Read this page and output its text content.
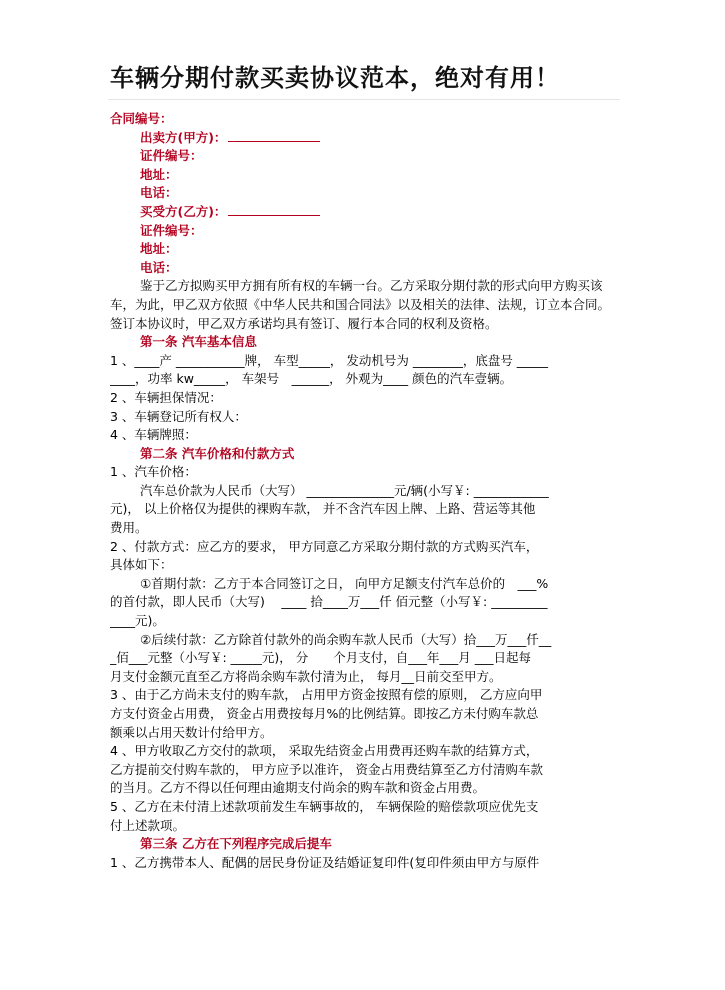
车辆分期付款买卖协议范本，绝对有用！

合同编号：

出卖方(甲方)：

证件编号：

地址：

电话：

买受方(乙方)：

证件编号：

地址：

电话：

鉴于乙方拟购买甲方拥有所有权的车辆一台。乙方采取分期付款的形式向甲方购买该车，为此，甲乙双方依照《中华人民共和国合同法》以及相关的法律、法规，订立本合同。签订本协议时，甲乙双方承诺均具有签订、履行本合同的权利及资格。

第一条 汽车基本信息

1 、____产 ___________牌， 车型_____， 发动机号为 ________，底盘号 _____

____，功率 kw_____， 车架号　______， 外观为____ 颜色的汽车壹辆。

2 、车辆担保情况：

3 、车辆登记所有权人：

4 、车辆牌照：

第二条 汽车价格和付款方式

1 、汽车价格：

汽车总价款为人民币（大写） ______________元/辆(小写￥: ____________

元)， 以上价格仅为提供的裸购车款， 并不含汽车因上牌、上路、营运等其他

费用。

2 、付款方式：应乙方的要求， 甲方同意乙方采取分期付款的方式购买汽车，

具体如下：

①首期付款：乙方于本合同签订之日， 向甲方足额支付汽车总价的　___%

的首付款，即人民币（大写)　 ____ 拾____万___仟 佰元整（小写￥: _________

____元)。

②后续付款：乙方除首付款外的尚余购车款人民币（大写）拾___万___仟__

_佰___元整（小写￥: _____元)， 分　　个月支付，自___年___月 ___日起每

月支付金额元直至乙方将尚余购车款付清为止， 每月__日前交至甲方。

3 、由于乙方尚未支付的购车款， 占用甲方资金按照有偿的原则， 乙方应向甲

方支付资金占用费， 资金占用费按每月%的比例结算。即按乙方未付购车款总

额乘以占用天数计付给甲方。

4 、甲方收取乙方交付的款项， 采取先结资金占用费再还购车款的结算方式，

乙方提前交付购车款的， 甲方应予以准许， 资金占用费结算至乙方付清购车款

的当月。乙方不得以任何理由逾期支付尚余的购车款和资金占用费。

5 、乙方在未付清上述款项前发生车辆事故的， 车辆保险的赔偿款项应优先支

付上述款项。

第三条 乙方在下列程序完成后提车

1 、乙方携带本人、配偶的居民身份证及结婚证复印件(复印件须由甲方与原件
